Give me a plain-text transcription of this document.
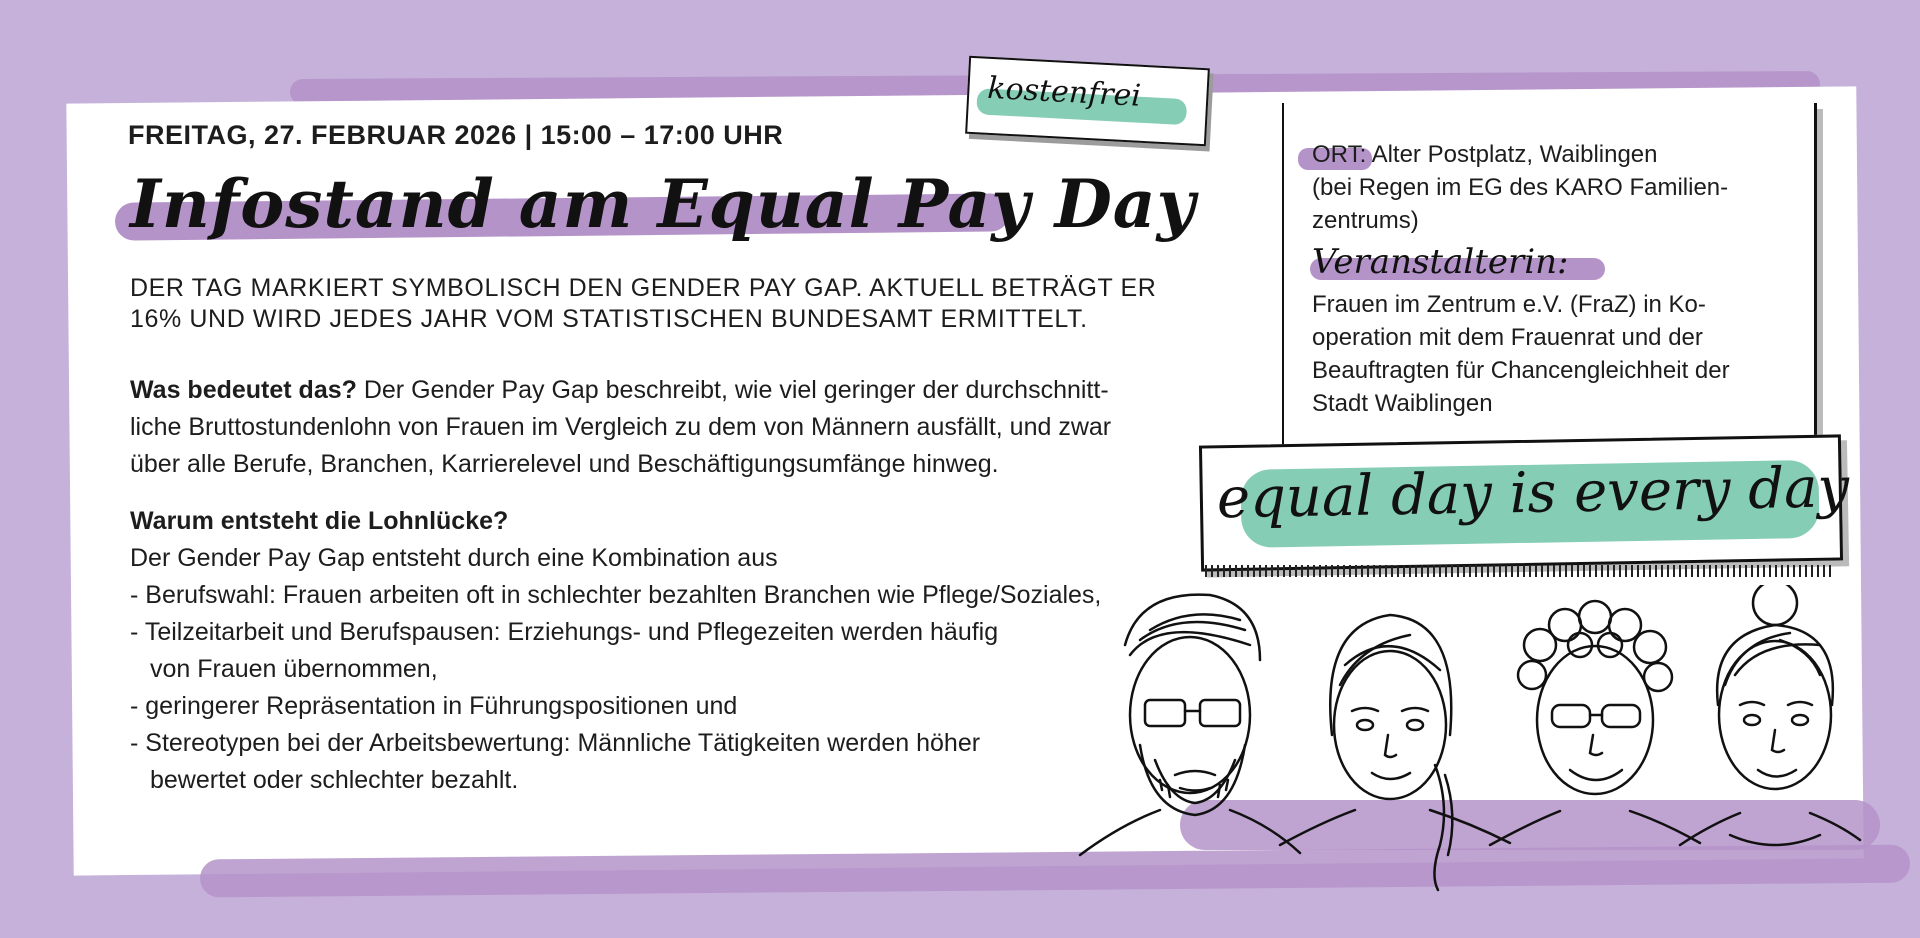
FREITAG, 27. FEBRUAR 2026 | 15:00 – 17:00 UHR
Infostand am Equal Pay Day
kostenfrei
DER TAG MARKIERT SYMBOLISCH DEN GENDER PAY GAP. AKTUELL BETRÄGT ER
16% UND WIRD JEDES JAHR VOM STATISTISCHEN BUNDESAMT ERMITTELT.
Was bedeutet das? Der Gender Pay Gap beschreibt, wie viel geringer der durchschnitt-
liche Bruttostundenlohn von Frauen im Vergleich zu dem von Männern ausfällt, und zwar
über alle Berufe, Branchen, Karrierelevel und Beschäftigungsumfänge hinweg.
Warum entsteht die Lohnlücke?
Der Gender Pay Gap entsteht durch eine Kombination aus
- Berufswahl: Frauen arbeiten oft in schlechter bezahlten Branchen wie Pflege/Soziales,
- Teilzeitarbeit und Berufspausen: Erziehungs- und Pflegezeiten werden häufig
von Frauen übernommen,
- geringerer Repräsentation in Führungspositionen und
- Stereotypen bei der Arbeitsbewertung: Männliche Tätigkeiten werden höher
bewertet oder schlechter bezahlt.
ORT: Alter Postplatz, Waiblingen
(bei Regen im EG des KARO Familien-
zentrums)
Veranstalterin:
Frauen im Zentrum e.V. (FraZ) in Ko-
operation mit dem Frauenrat und der
Beauftragten für Chancengleichheit der
Stadt Waiblingen
equal day is every day
